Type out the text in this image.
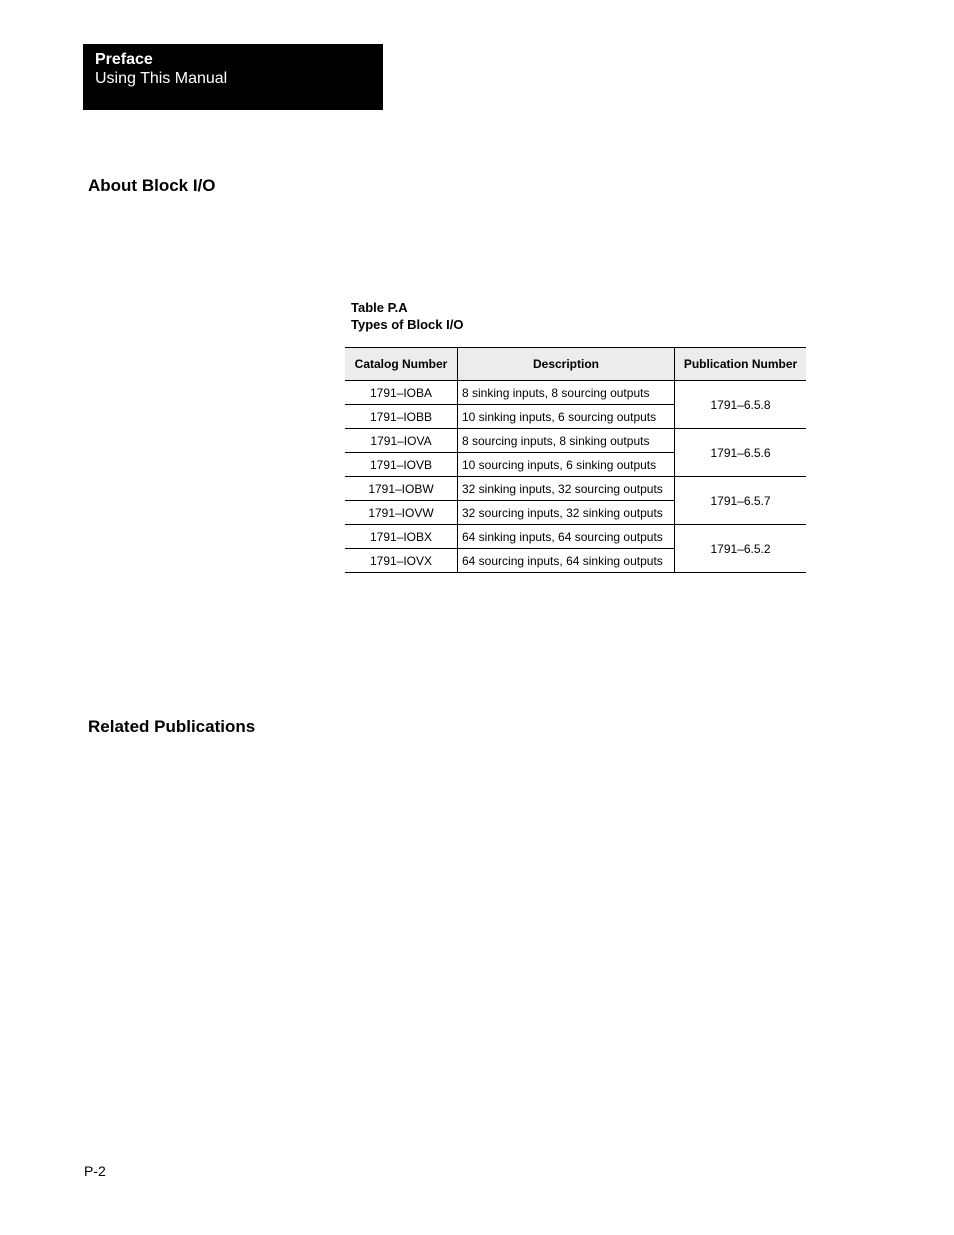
Preface
Using This Manual
About Block I/O
Table P.A
Types of Block I/O
Catalog Number	Description	Publication Number
1791–IOBA	8 sinking inputs, 8 sourcing outputs	1791–6.5.8
1791–IOBB	10 sinking inputs, 6 sourcing outputs	
1791–IOVA	8 sourcing inputs, 8 sinking outputs	1791–6.5.6
1791–IOVB	10 sourcing inputs, 6 sinking outputs	
1791–IOBW	32 sinking inputs, 32 sourcing outputs	1791–6.5.7
1791–IOVW	32 sourcing inputs, 32 sinking outputs	
1791–IOBX	64 sinking inputs, 64 sourcing outputs	1791–6.5.2
1791–IOVX	64 sourcing inputs, 64 sinking outputs	
Related Publications
P-2
